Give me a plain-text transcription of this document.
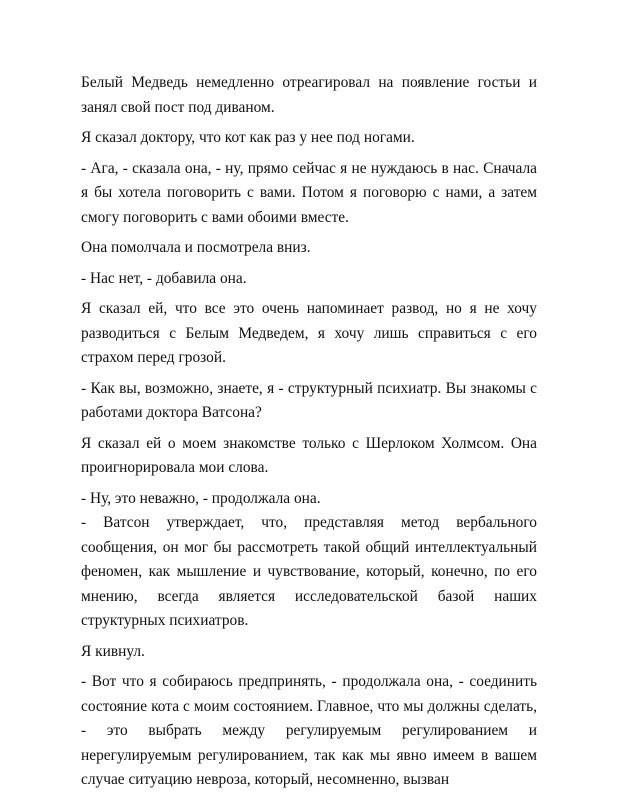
Белый Медведь немедленно отреагировал на появление гостьи и занял свой пост под диваном.

Я сказал доктору, что кот как раз у нее под ногами.

- Ага, - сказала она, - ну, прямо сейчас я не нуждаюсь в нас. Сначала я бы хотела поговорить с вами. Потом я поговорю с нами, а затем смогу поговорить с вами обоими вместе.

Она помолчала и посмотрела вниз.

- Нас нет, - добавила она.

Я сказал ей, что все это очень напоминает развод, но я не хочу разводиться с Белым Медведем, я хочу лишь справиться с его страхом перед грозой.

- Как вы, возможно, знаете, я - структурный психиатр. Вы знакомы с работами доктора Ватсона?

Я сказал ей о моем знакомстве только с Шерлоком Холмсом. Она проигнорировала мои слова.

- Ну, это неважно, - продолжала она.

- Ватсон утверждает, что, представляя метод вербального сообщения, он мог бы рассмотреть такой общий интеллектуальный феномен, как мышление и чувствование, который, конечно, по его мнению, всегда является исследовательской базой наших структурных психиатров.

Я кивнул.

- Вот что я собираюсь предпринять, - продолжала она, - соединить состояние кота с моим состоянием. Главное, что мы должны сделать, - это выбрать между регулируемым регулированием и нерегулируемым регулированием, так как мы явно имеем в вашем случае ситуацию невроза, который, несомненно, вызван
